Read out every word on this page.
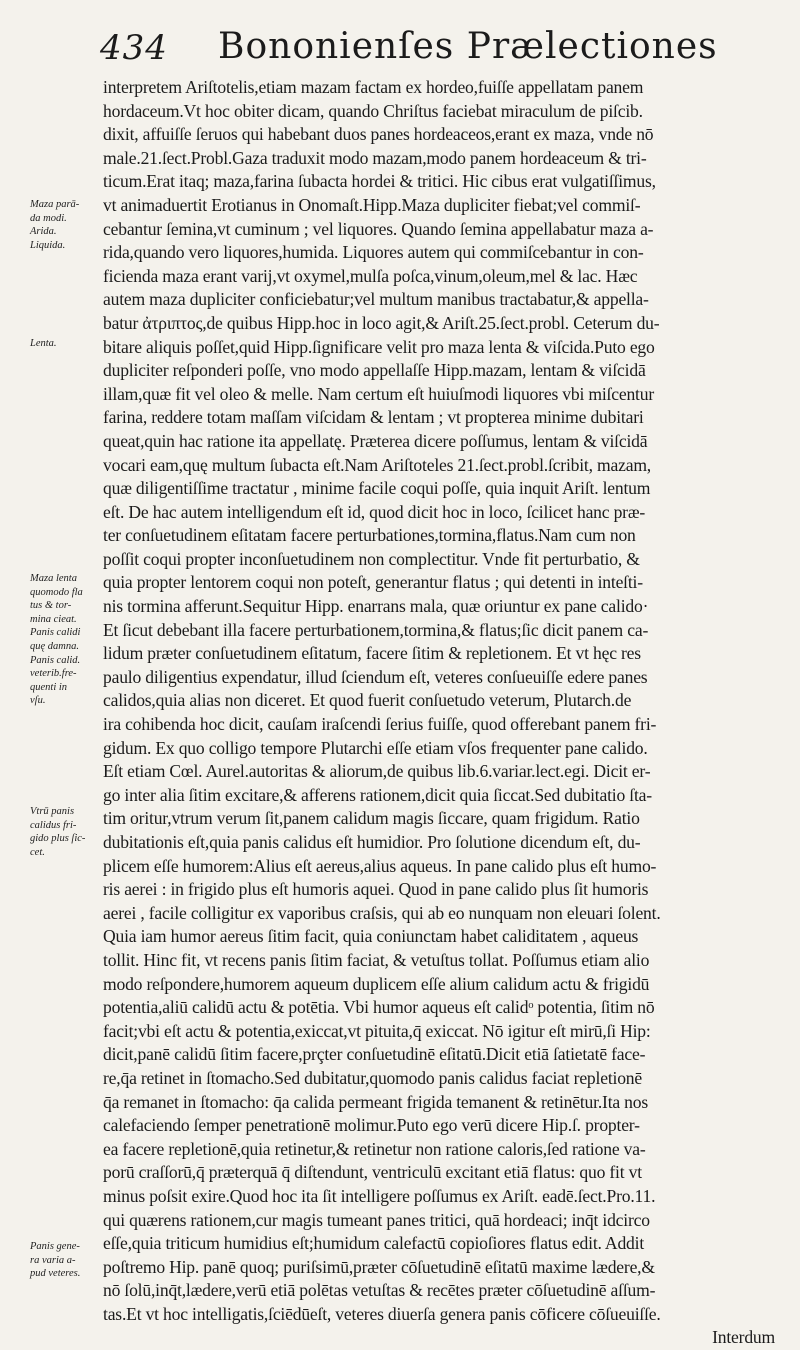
434 Bononienſes Prælectiones
interpretem Ariſtotelis,etiam mazam factam ex hordeo,fuiſſe appellatam panem
hordaceum.Vt hoc obiter dicam, quando Chriſtus faciebat miraculum de piſcib.
dixit, affuiſſe ſeruos qui habebant duos panes hordeaceos,erant ex maza, vnde nō
male.21.ſect.Probl.Gaza traduxit modo mazam,modo panem hordeaceum & tri-
ticum.Erat itaq; maza,farina ſubacta hordei & tritici. Hic cibus erat vulgatiſſimus,
vt animaduertit Erotianus in Onomaſt.Hipp.Maza dupliciter fiebat;vel commiſ-
cebantur ſemina,vt cuminum ; vel liquores. Quando ſemina appellabatur maza a-
rida,quando vero liquores,humida. Liquores autem qui commiſcebantur in con-
ficienda maza erant varij,vt oxymel,mulſa poſca,vinum,oleum,mel & lac. Hæc
autem maza dupliciter conficiebatur;vel multum manibus tractabatur,& appella-
batur ἀτριπτος,de quibus Hipp.hoc in loco agit,& Ariſt.25.ſect.probl. Ceterum du-
bitare aliquis poſſet,quid Hipp.ſignificare velit pro maza lenta & viſcida.Puto ego
dupliciter reſponderi poſſe, vno modo appellaſſe Hipp.mazam, lentam & viſcidā
illam,quæ fit vel oleo & melle. Nam certum eſt huiuſmodi liquores vbi miſcentur
farina, reddere totam maſſam viſcidam & lentam ; vt propterea minime dubitari
queat,quin hac ratione ita appellatę. Præterea dicere poſſumus, lentam & viſcidā
vocari eam,quę multum ſubacta eſt.Nam Ariſtoteles 21.ſect.probl.ſcribit, mazam,
quæ diligentiſſime tractatur , minime facile coqui poſſe, quia inquit Ariſt. lentum
eſt. De hac autem intelligendum eſt id, quod dicit hoc in loco, ſcilicet hanc præ-
ter conſuetudinem eſitatam facere perturbationes,tormina,flatus.Nam cum non
poſſit coqui propter inconſuetudinem non complectitur. Vnde fit perturbatio, &
quia propter lentorem coqui non poteſt, generantur flatus ; qui detenti in inteſti-
nis tormina afferunt.Sequitur Hipp. enarrans mala, quæ oriuntur ex pane calido·
Et ſicut debebant illa facere perturbationem,tormina,& flatus;ſic dicit panem ca-
lidum præter conſuetudinem eſitatum, facere ſitim & repletionem. Et vt hęc res
paulo diligentius expendatur, illud ſciendum eſt, veteres conſueuiſſe edere panes
calidos,quia alias non diceret. Et quod fuerit conſuetudo veterum, Plutarch.de
ira cohibenda hoc dicit, cauſam iraſcendi ſerius fuiſſe, quod offerebant panem fri-
gidum. Ex quo colligo tempore Plutarchi eſſe etiam vſos frequenter pane calido.
Eſt etiam Cœl. Aurel.autoritas & aliorum,de quibus lib.6.variar.lect.egi. Dicit er-
go inter alia ſitim excitare,& afferens rationem,dicit quia ſiccat.Sed dubitatio ſta-
tim oritur,vtrum verum ſit,panem calidum magis ſiccare, quam frigidum. Ratio
dubitationis eſt,quia panis calidus eſt humidior. Pro ſolutione dicendum eſt, du-
plicem eſſe humorem:Alius eſt aereus,alius aqueus. In pane calido plus eſt humo-
ris aerei : in frigido plus eſt humoris aquei. Quod in pane calido plus ſit humoris
aerei , facile colligitur ex vaporibus craſsis, qui ab eo nunquam non eleuari ſolent.
Quia iam humor aereus ſitim facit, quia coniunctam habet caliditatem , aqueus
tollit. Hinc fit, vt recens panis ſitim faciat, & vetuſtus tollat. Poſſumus etiam alio
modo reſpondere,humorem aqueum duplicem eſſe alium calidum actu & frigidū
potentia,aliū calidū actu & potētia. Vbi humor aqueus eſt calidᵒ potentia, ſitim nō
facit;vbi eſt actu & potentia,exiccat,vt pituita,q̄ exiccat. Nō igitur eſt mirū,ſi Hip:
dicit,panē calidū ſitim facere,prçter conſuetudinē eſitatū.Dicit etiā ſatietatē face-
re,q̄a retinet in ſtomacho.Sed dubitatur,quomodo panis calidus faciat repletionē
q̄a remanet in ſtomacho: q̄a calida permeant frigida temanent & retinētur.Ita nos
calefaciendo ſemper penetrationē molimur.Puto ego verū dicere Hip.ſ. propter-
ea facere repletionē,quia retinetur,& retinetur non ratione caloris,ſed ratione va-
porū craſſorū,q̄ præterquā q̄ diſtendunt, ventriculū excitant etiā flatus: quo fit vt
minus poſsit exire.Quod hoc ita ſit intelligere poſſumus ex Ariſt. eadē.ſect.Pro.11.
qui quærens rationem,cur magis tumeant panes tritici, quā hordeaci; inq̄t idcirco
eſſe,quia triticum humidius eſt;humidum calefactū copioſiores flatus edit. Addit
poſtremo Hip. panē quoq; puriſsimū,præter cōſuetudinē eſitatū maxime lædere,&
nō ſolū,inq̄t,lædere,verū etiā polētas vetuſtas & recētes præter cōſuetudinē aſſum-
tas.Et vt hoc intelligatis,ſciēdūeſt, veteres diuerſa genera panis cōficere cōſueuiſſe.
Interdum
Maza parā-
da modi.
Arida.
Liquida.
Lenta.
Maza lenta
quomodo fla
tus & tor-
mina cieat.
Panis calidi
quę damna.
Panis calid.
veterib.fre-
quenti in
vſu.
Vtrū panis
calidus fri-
gido plus ſic-
cet.
Panis gene-
ra varia a-
pud veteres.
